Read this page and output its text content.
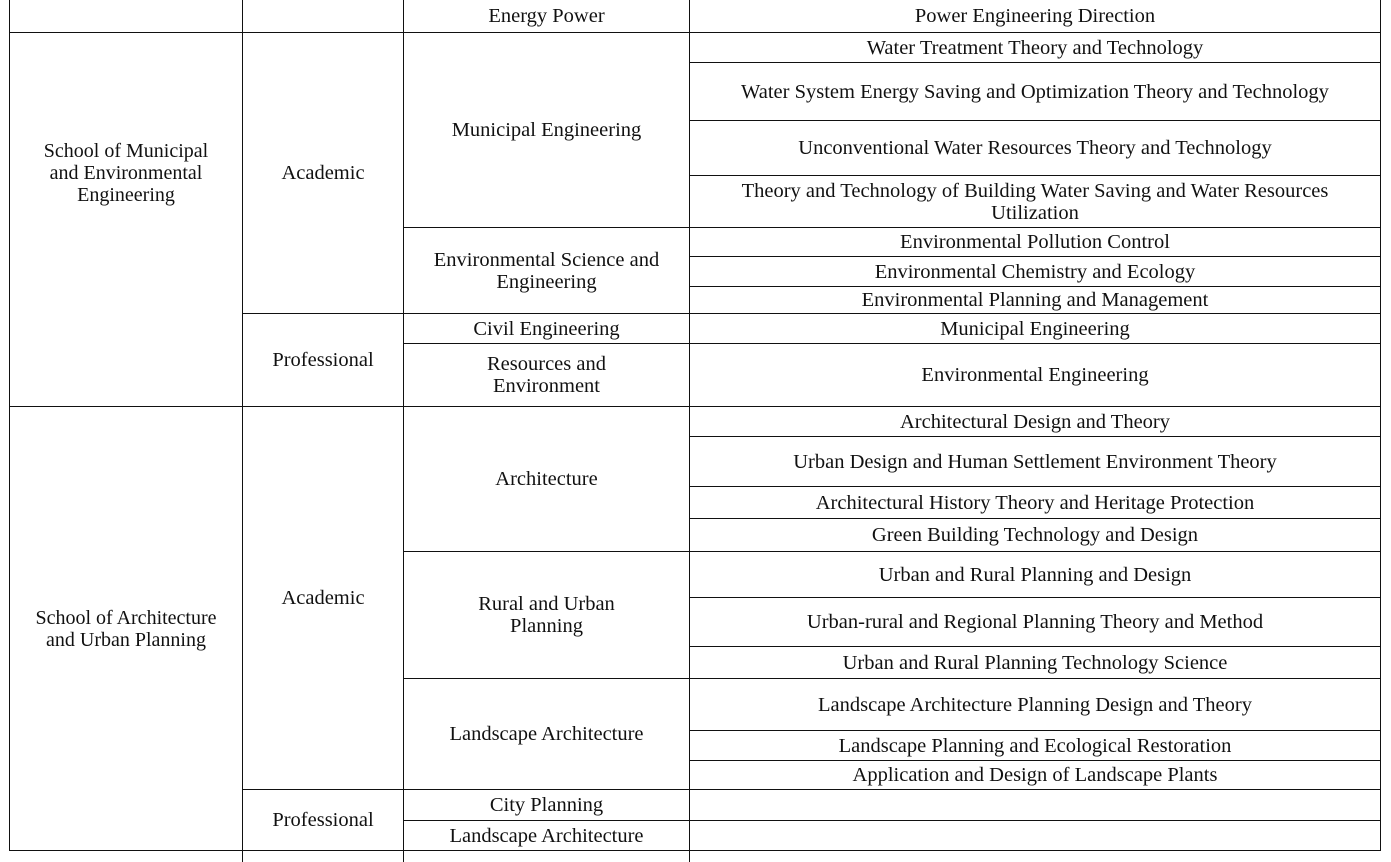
School of Municipal and Environmental Engineering
School of Architecture and Urban Planning
Academic
Professional
Academic
Professional
Energy Power
Municipal Engineering
Environmental Science and Engineering
Civil Engineering
Resources and Environment
Architecture
Rural and Urban Planning
Landscape Architecture
City Planning
Landscape Architecture
Power Engineering Direction
Water Treatment Theory and Technology
Water System Energy Saving and Optimization Theory and Technology
Unconventional Water Resources Theory and Technology
Theory and Technology of Building Water Saving and Water Resources Utilization
Environmental Pollution Control
Environmental Chemistry and Ecology
Environmental Planning and Management
Municipal Engineering
Environmental Engineering
Architectural Design and Theory
Urban Design and Human Settlement Environment Theory
Architectural History Theory and Heritage Protection
Green Building Technology and Design
Urban and Rural Planning and Design
Urban-rural and Regional Planning Theory and Method
Urban and Rural Planning Technology Science
Landscape Architecture Planning Design and Theory
Landscape Planning and Ecological Restoration
Application and Design of Landscape Plants
